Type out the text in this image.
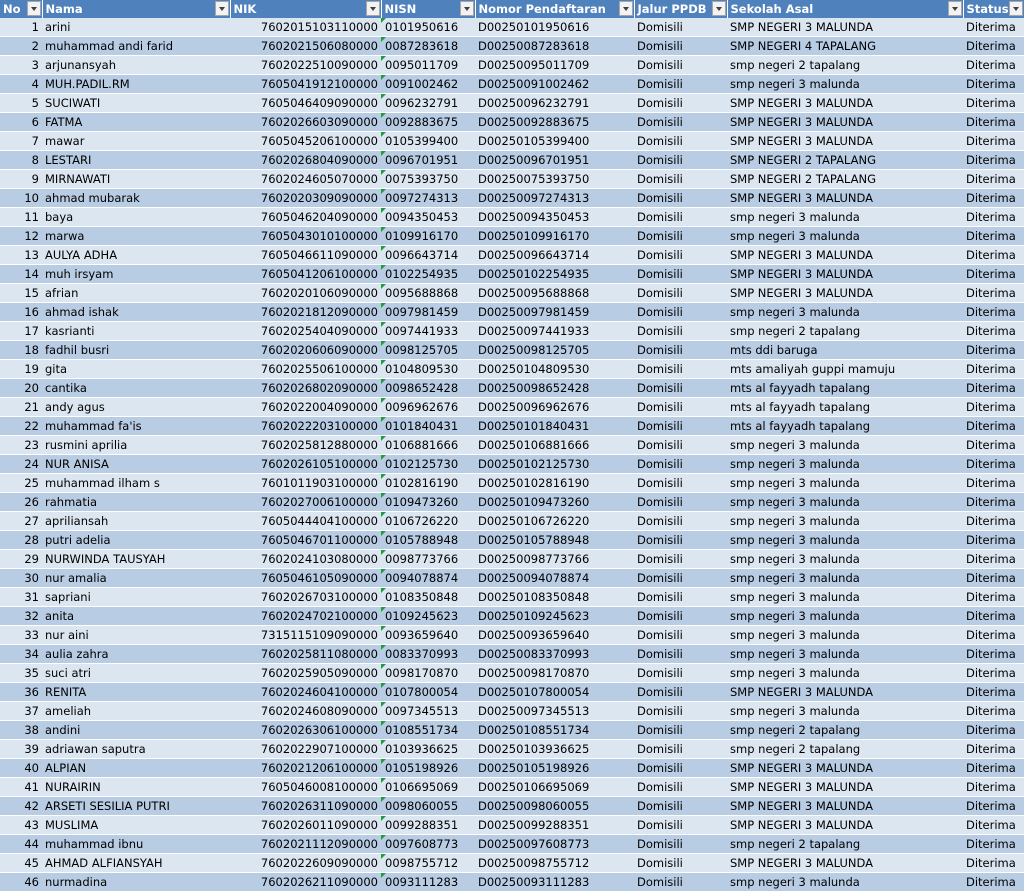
No	Nama	NIK	NISN	Nomor Pendaftaran	Jalur PPDB	Sekolah Asal	Status

1	arini	7602015103110000	0101950616	D00250101950616	Domisili	SMP NEGERI 3 MALUNDA	Diterima
2	muhammad andi farid	7602021506080000	0087283618	D00250087283618	Domisili	SMP NEGERI 4 TAPALANG	Diterima
3	arjunansyah	7602022510090000	0095011709	D00250095011709	Domisili	smp negeri 2 tapalang	Diterima
4	MUH.PADIL.RM	7605041912100000	0091002462	D00250091002462	Domisili	smp negeri 3 malunda	Diterima
5	SUCIWATI	7605046409090000	0096232791	D00250096232791	Domisili	SMP NEGERI 3 MALUNDA	Diterima
6	FATMA	7602026603090000	0092883675	D00250092883675	Domisili	SMP NEGERI 3 MALUNDA	Diterima
7	mawar	7605045206100000	0105399400	D00250105399400	Domisili	SMP NEGERI 3 MALUNDA	Diterima
8	LESTARI	7602026804090000	0096701951	D00250096701951	Domisili	SMP NEGERI 2 TAPALANG	Diterima
9	MIRNAWATI	7602024605070000	0075393750	D00250075393750	Domisili	SMP NEGERI 2 TAPALANG	Diterima
10	ahmad mubarak	7602020309090000	0097274313	D00250097274313	Domisili	SMP NEGERI 3 MALUNDA	Diterima
11	baya	7605046204090000	0094350453	D00250094350453	Domisili	smp negeri 3 malunda	Diterima
12	marwa	7605043010100000	0109916170	D00250109916170	Domisili	smp negeri 3 malunda	Diterima
13	AULYA ADHA	7605046611090000	0096643714	D00250096643714	Domisili	SMP NEGERI 3 MALUNDA	Diterima
14	muh irsyam	7605041206100000	0102254935	D00250102254935	Domisili	SMP NEGERI 3 MALUNDA	Diterima
15	afrian	7602020106090000	0095688868	D00250095688868	Domisili	SMP NEGERI 3 MALUNDA	Diterima
16	ahmad ishak	7602021812090000	0097981459	D00250097981459	Domisili	smp negeri 3 malunda	Diterima
17	kasrianti	7602025404090000	0097441933	D00250097441933	Domisili	smp negeri 2 tapalang	Diterima
18	fadhil busri	7602020606090000	0098125705	D00250098125705	Domisili	mts ddi baruga	Diterima
19	gita	7602025506100000	0104809530	D00250104809530	Domisili	mts amaliyah guppi mamuju	Diterima
20	cantika	7602026802090000	0098652428	D00250098652428	Domisili	mts al fayyadh tapalang	Diterima
21	andy agus	7602022004090000	0096962676	D00250096962676	Domisili	mts al fayyadh tapalang	Diterima
22	muhammad fa'is	7602022203100000	0101840431	D00250101840431	Domisili	mts al fayyadh tapalang	Diterima
23	rusmini aprilia	7602025812880000	0106881666	D00250106881666	Domisili	smp negeri 3 malunda	Diterima
24	NUR ANISA	7602026105100000	0102125730	D00250102125730	Domisili	smp negeri 3 malunda	Diterima
25	muhammad ilham s	7601011903100000	0102816190	D00250102816190	Domisili	smp negeri 3 malunda	Diterima
26	rahmatia	7602027006100000	0109473260	D00250109473260	Domisili	smp negeri 3 malunda	Diterima
27	apriliansah	7605044404100000	0106726220	D00250106726220	Domisili	smp negeri 3 malunda	Diterima
28	putri adelia	7605046701100000	0105788948	D00250105788948	Domisili	smp negeri 3 malunda	Diterima
29	NURWINDA TAUSYAH	7602024103080000	0098773766	D00250098773766	Domisili	smp negeri 3 malunda	Diterima
30	nur amalia	7605046105090000	0094078874	D00250094078874	Domisili	smp negeri 3 malunda	Diterima
31	sapriani	7602026703100000	0108350848	D00250108350848	Domisili	smp negeri 3 malunda	Diterima
32	anita	7602024702100000	0109245623	D00250109245623	Domisili	smp negeri 3 malunda	Diterima
33	nur aini	7315115109090000	0093659640	D00250093659640	Domisili	smp negeri 3 malunda	Diterima
34	aulia zahra	7602025811080000	0083370993	D00250083370993	Domisili	smp negeri 3 malunda	Diterima
35	suci atri	7602025905090000	0098170870	D00250098170870	Domisili	smp negeri 3 malunda	Diterima
36	RENITA	7602024604100000	0107800054	D00250107800054	Domisili	SMP NEGERI 3 MALUNDA	Diterima
37	ameliah	7602024608090000	0097345513	D00250097345513	Domisili	smp negeri 3 malunda	Diterima
38	andini	7602026306100000	0108551734	D00250108551734	Domisili	smp negeri 2 tapalang	Diterima
39	adriawan saputra	7602022907100000	0103936625	D00250103936625	Domisili	smp negeri 2 tapalang	Diterima
40	ALPIAN	7602021206100000	0105198926	D00250105198926	Domisili	SMP NEGERI 3 MALUNDA	Diterima
41	NURAIRIN	7605046008100000	0106695069	D00250106695069	Domisili	SMP NEGERI 3 MALUNDA	Diterima
42	ARSETI SESILIA PUTRI	7602026311090000	0098060055	D00250098060055	Domisili	SMP NEGERI 3 MALUNDA	Diterima
43	MUSLIMA	7602026011090000	0099288351	D00250099288351	Domisili	SMP NEGERI 3 MALUNDA	Diterima
44	muhammad ibnu	7602021112090000	0097608773	D00250097608773	Domisili	smp negeri 2 tapalang	Diterima
45	AHMAD ALFIANSYAH	7602022609090000	0098755712	D00250098755712	Domisili	SMP NEGERI 3 MALUNDA	Diterima
46	nurmadina	7602026211090000	0093111283	D00250093111283	Domisili	smp negeri 3 malunda	Diterima
